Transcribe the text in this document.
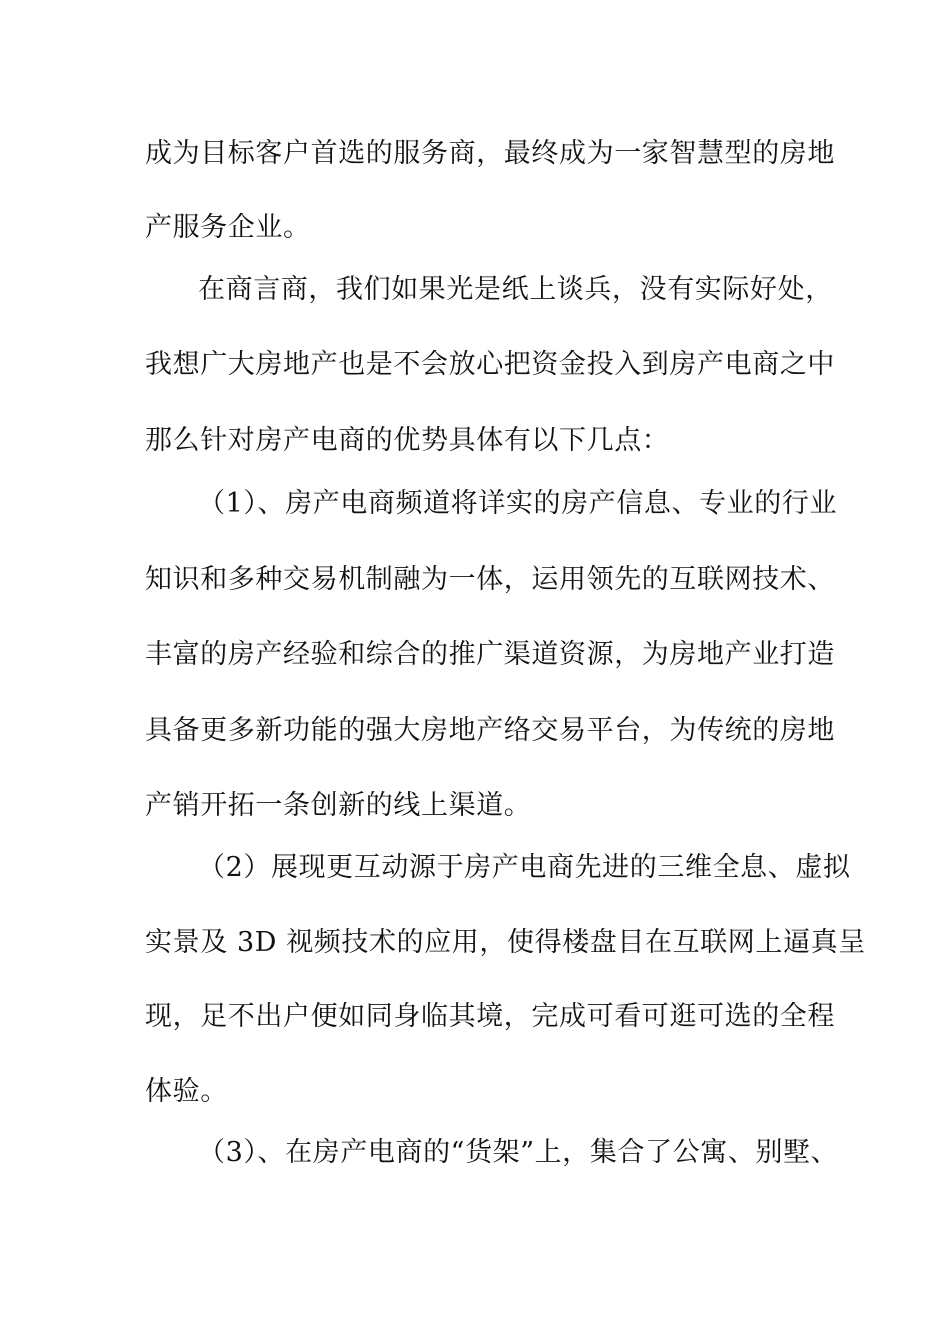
成为目标客户首选的服务商，最终成为一家智慧型的房地
产服务企业。
在商言商，我们如果光是纸上谈兵，没有实际好处，
我想广大房地产也是不会放心把资金投入到房产电商之中
那么针对房产电商的优势具体有以下几点：
（1）、房产电商频道将详实的房产信息、专业的行业
知识和多种交易机制融为一体，运用领先的互联网技术、
丰富的房产经验和综合的推广渠道资源，为房地产业打造
具备更多新功能的强大房地产络交易平台，为传统的房地
产销开拓一条创新的线上渠道。
（2）展现更互动源于房产电商先进的三维全息、虚拟
实景及 3D 视频技术的应用，使得楼盘目在互联网上逼真呈
现，足不出户便如同身临其境，完成可看可逛可选的全程
体验。
（3）、在房产电商的“货架”上，集合了公寓、别墅、
